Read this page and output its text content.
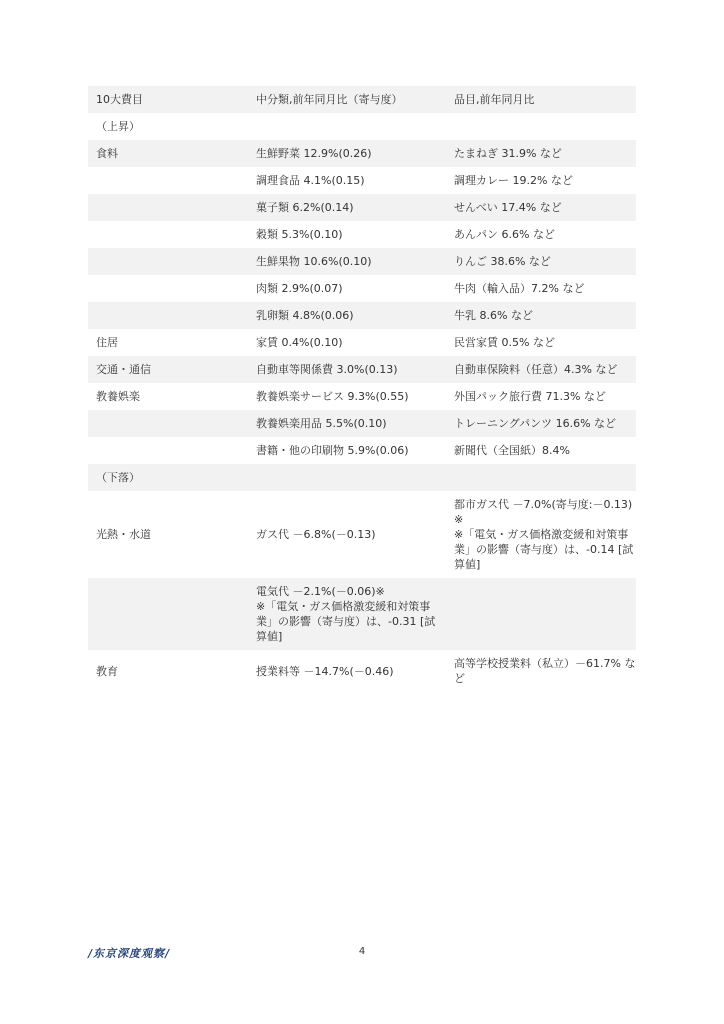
10大費目	中分類,前年同月比（寄与度）	品目,前年同月比
（上昇）		
食料	生鮮野菜 12.9%(0.26)	たまねぎ 31.9% など
	調理食品 4.1%(0.15)	調理カレー 19.2% など
	菓子類 6.2%(0.14)	せんべい 17.4% など
	穀類 5.3%(0.10)	あんパン 6.6% など
	生鮮果物 10.6%(0.10)	りんご 38.6% など
	肉類 2.9%(0.07)	牛肉（輸入品）7.2% など
	乳卵類 4.8%(0.06)	牛乳 8.6% など
住居	家賃 0.4%(0.10)	民営家賃 0.5% など
交通・通信	自動車等関係費 3.0%(0.13)	自動車保険料（任意）4.3% など
教養娯楽	教養娯楽サービス 9.3%(0.55)	外国パック旅行費 71.3% など
	教養娯楽用品 5.5%(0.10)	トレーニングパンツ 16.6% など
	書籍・他の印刷物 5.9%(0.06)	新聞代（全国紙）8.4%
（下落）		
光熱・水道	ガス代 －6.8%(－0.13)	都市ガス代 －7.0%(寄与度:－0.13)
※
※「電気・ガス価格激変緩和対策事業」の影響（寄与度）は、-0.14 [試算値]
	電気代 －2.1%(－0.06)※
※「電気・ガス価格激変緩和対策事業」の影響（寄与度）は、-0.31 [試算値]	
教育	授業料等 －14.7%(－0.46)	高等学校授業料（私立）－61.7% など
/东京深度观察/	4
